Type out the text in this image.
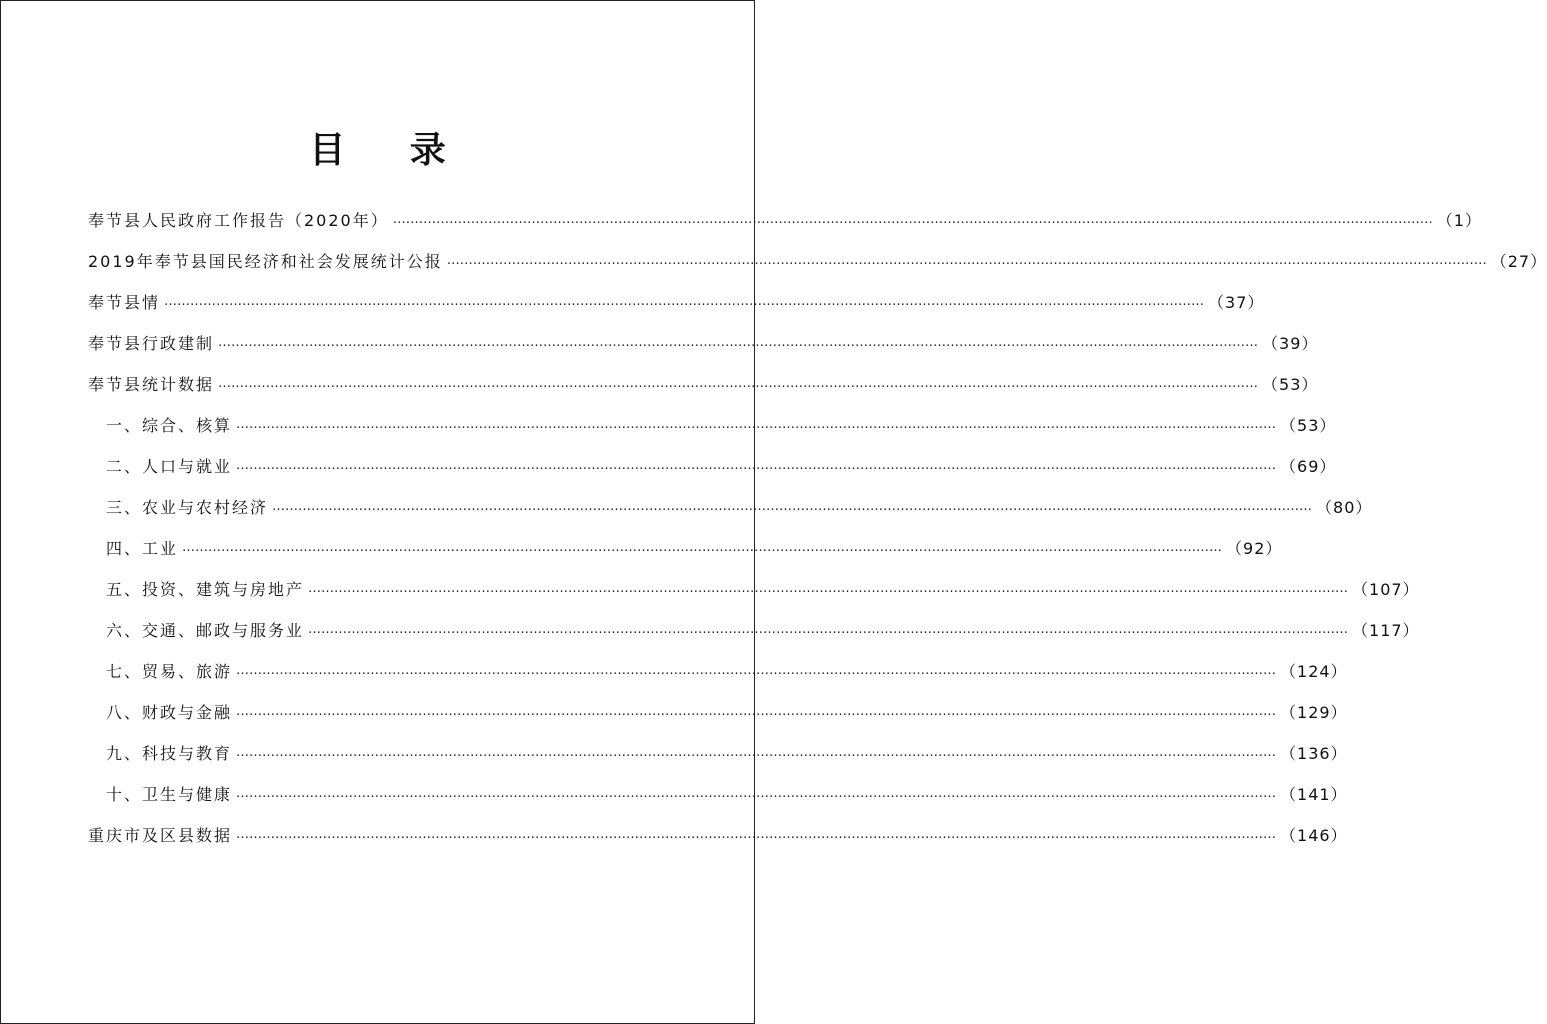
目 录
奉节县人民政府工作报告（2020年） …………………………………………………………………………………………………………………………………………………………………………………………………………………… （1）
2019年奉节县国民经济和社会发展统计公报 …………………………………………………………………………………………………………………………………………………………………………………………………………………… （27）
奉节县情 …………………………………………………………………………………………………………………………………………………………………………………………………………………… （37）
奉节县行政建制 …………………………………………………………………………………………………………………………………………………………………………………………………………………… （39）
奉节县统计数据 …………………………………………………………………………………………………………………………………………………………………………………………………………………… （53）
一、综合、核算 …………………………………………………………………………………………………………………………………………………………………………………………………………………… （53）
二、人口与就业 …………………………………………………………………………………………………………………………………………………………………………………………………………………… （69）
三、农业与农村经济 …………………………………………………………………………………………………………………………………………………………………………………………………………………… （80）
四、工业 …………………………………………………………………………………………………………………………………………………………………………………………………………………… （92）
五、投资、建筑与房地产 …………………………………………………………………………………………………………………………………………………………………………………………………………………… （107）
六、交通、邮政与服务业 …………………………………………………………………………………………………………………………………………………………………………………………………………………… （117）
七、贸易、旅游 …………………………………………………………………………………………………………………………………………………………………………………………………………………… （124）
八、财政与金融 …………………………………………………………………………………………………………………………………………………………………………………………………………………… （129）
九、科技与教育 …………………………………………………………………………………………………………………………………………………………………………………………………………………… （136）
十、卫生与健康 …………………………………………………………………………………………………………………………………………………………………………………………………………………… （141）
重庆市及区县数据 …………………………………………………………………………………………………………………………………………………………………………………………………………………… （146）
